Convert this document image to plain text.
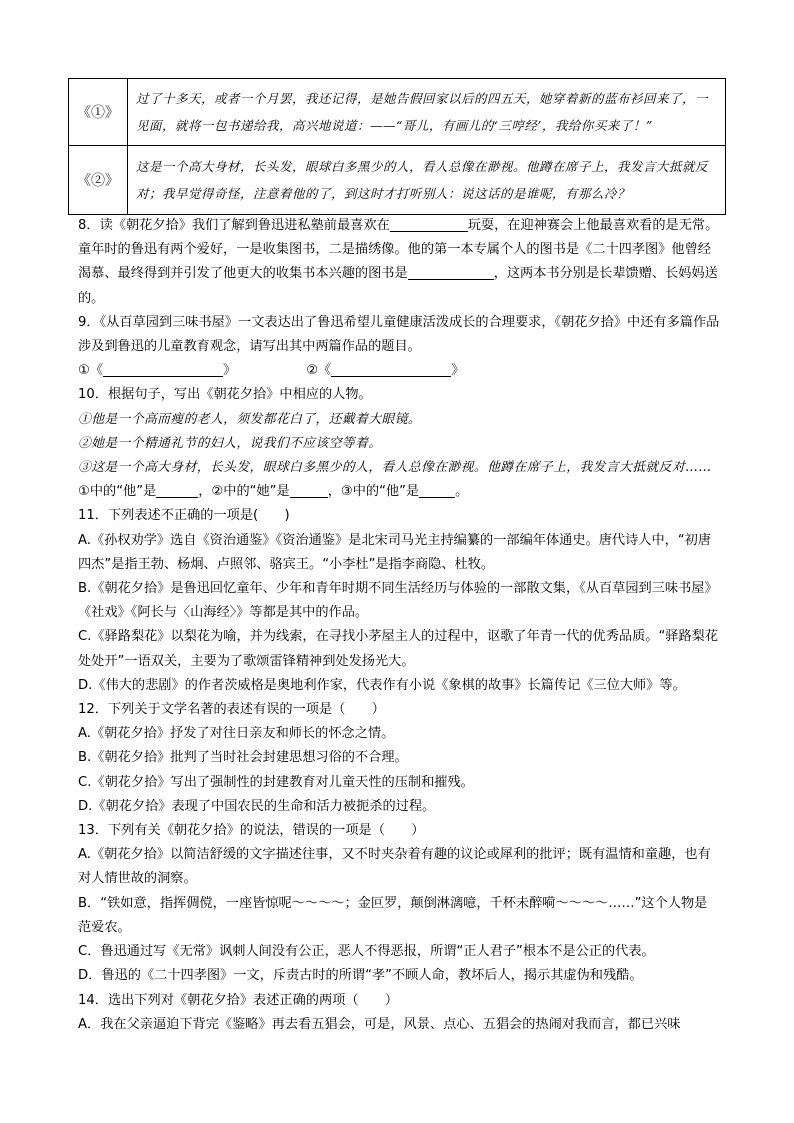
《①》	过了十多天，或者一个月罢，我还记得，是她告假回家以后的四五天，她穿着新的蓝布衫回来了，一见面，就将一包书递给我，高兴地说道：——“哥儿，有画儿的‘三哼经’，我给你买来了！”
《②》	这是一个高大身材，长头发，眼球白多黑少的人，看人总像在渺视。他蹲在席子上，我发言大抵就反对；我早觉得奇怪，注意着他的了，到这时才打听别人：说这话的是谁呢，有那么冷？

8．读《朝花夕拾》我们了解到鲁迅进私塾前最喜欢在	玩耍，在迎神赛会上他最喜欢看的是无常。童年时的鲁迅有两个爱好，一是收集图书，二是描绣像。他的第一本专属个人的图书是《二十四孝图》他曾经渴慕、最终得到并引发了他更大的收集书本兴趣的图书是	，这两本书分别是长辈馈赠、长妈妈送的。

9．《从百草园到三味书屋》一文表达出了鲁迅希望儿童健康活泼成长的合理要求，《朝花夕拾》中还有多篇作品涉及到鲁迅的儿童教育观念，请写出其中两篇作品的题目。

①《	》	②《	》

10．根据句子，写出《朝花夕拾》中相应的人物。

①他是一个高而瘦的老人，须发都花白了，还戴着大眼镜。

②她是一个精通礼节的妇人，说我们不应该空等着。

③这是一个高大身材，长头发，眼球白多黑少的人，看人总像在渺视。他蹲在席子上，我发言大抵就反对……

①中的“他”是	，②中的“她”是	，③中的“他”是	。

11．下列表述不正确的一项是(　　)

A.《孙权劝学》选自《资治通鉴》《资治通鉴》是北宋司马光主持编纂的一部编年体通史。唐代诗人中，“初唐四杰”是指王勃、杨炯、卢照邻、骆宾王。“小李杜”是指李商隐、杜牧。

B.《朝花夕拾》是鲁迅回忆童年、少年和青年时期不同生活经历与体验的一部散文集，《从百草园到三味书屋》《社戏》《阿长与〈山海经〉》等都是其中的作品。

C.《驿路梨花》以梨花为喻，并为线索，在寻找小茅屋主人的过程中，讴歌了年青一代的优秀品质。“驿路梨花处处开”一语双关，主要为了歌颂雷锋精神到处发扬光大。

D.《伟大的悲剧》的作者茨威格是奥地利作家，代表作有小说《象棋的故事》长篇传记《三位大师》等。

12．下列关于文学名著的表述有误的一项是（　　）

A.《朝花夕拾》抒发了对往日亲友和师长的怀念之情。

B.《朝花夕拾》批判了当时社会封建思想习俗的不合理。

C.《朝花夕拾》写出了强制性的封建教育对儿童天性的压制和摧残。

D.《朝花夕拾》表现了中国农民的生命和活力被扼杀的过程。

13．下列有关《朝花夕拾》的说法，错误的一项是（　　）

A.《朝花夕拾》以简洁舒缓的文字描述往事，又不时夹杂着有趣的议论或犀利的批评；既有温情和童趣，也有对人情世故的洞察。

B．“铁如意，指挥倜傥，一座皆惊呢～～～～；金叵罗，颠倒淋漓噫，千杯未醉嗬～～～～……”这个人物是范爱农。

C．鲁迅通过写《无常》讽刺人间没有公正，恶人不得恶报，所谓“正人君子”根本不是公正的代表。

D．鲁迅的《二十四孝图》一文，斥责古时的所谓“孝”不顾人命，教坏后人，揭示其虚伪和残酷。

14．选出下列对《朝花夕拾》表述正确的两项（　　）

A．我在父亲逼迫下背完《鉴略》再去看五猖会，可是，风景、点心、五猖会的热闹对我而言，都已兴味
